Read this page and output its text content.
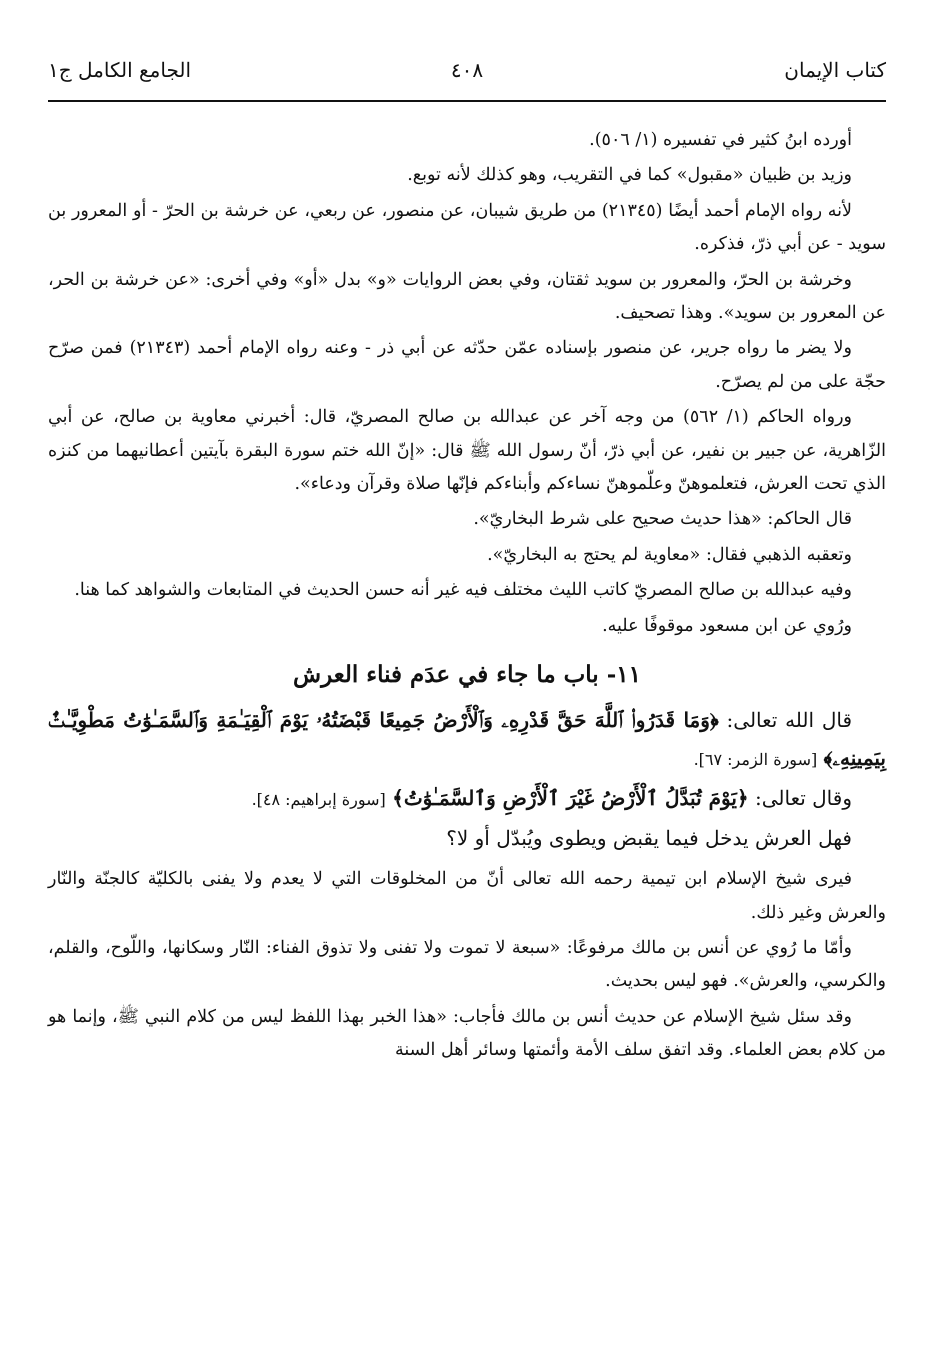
كتاب الإيمان
٤٠٨
الجامع الكامل ج١

أورده ابنُ كثير في تفسيره (١/ ٥٠٦).

وزيد بن ظبيان «مقبول» كما في التقريب، وهو كذلك لأنه توبع.

لأنه رواه الإمام أحمد أيضًا (٢١٣٤٥) من طريق شيبان، عن منصور، عن ربعي، عن خرشة بن الحرّ - أو المعرور بن سويد - عن أبي ذرّ، فذكره.

وخرشة بن الحرّ، والمعرور بن سويد ثقتان، وفي بعض الروايات «و» بدل «أو» وفي أخرى: «عن خرشة بن الحر، عن المعرور بن سويد». وهذا تصحيف.

ولا يضر ما رواه جرير، عن منصور بإسناده عمّن حدّثه عن أبي ذر - وعنه رواه الإمام أحمد (٢١٣٤٣) فمن صرّح حجّة على من لم يصرّح.

ورواه الحاكم (١/ ٥٦٢) من وجه آخر عن عبدالله بن صالح المصريّ، قال: أخبرني معاوية بن صالح، عن أبي الزّاهرية، عن جبير بن نفير، عن أبي ذرّ، أنّ رسول الله ﷺ قال: «إنّ الله ختم سورة البقرة بآيتين أعطانيهما من كنزه الذي تحت العرش، فتعلموهنّ وعلّموهنّ نساءكم وأبناءكم فإنّها صلاة وقرآن ودعاء».

قال الحاكم: «هذا حديث صحيح على شرط البخاريّ».

وتعقبه الذهبي فقال: «معاوية لم يحتج به البخاريّ».

وفيه عبدالله بن صالح المصريّ كاتب الليث مختلف فيه غير أنه حسن الحديث في المتابعات والشواهد كما هنا.

ورُوي عن ابن مسعود موقوفًا عليه.

١١- باب ما جاء في عدَم فناء العرش

قال الله تعالى: ﴿وَمَا قَدَرُوا۟ ٱللَّهَ حَقَّ قَدْرِهِۦ وَٱلْأَرْضُ جَمِيعًا قَبْضَتُهُۥ يَوْمَ ٱلْقِيَـٰمَةِ وَٱلسَّمَـٰوَٰتُ مَطْوِيَّـٰتٌۢ بِيَمِينِهِۦ﴾ [سورة الزمر: ٦٧].

وقال تعالى: ﴿يَوْمَ تُبَدَّلُ ٱلْأَرْضُ غَيْرَ ٱلْأَرْضِ وَٱلسَّمَـٰوَٰتُ﴾ [سورة إبراهيم: ٤٨].

فهل العرش يدخل فيما يقبض ويطوى ويُبدّل أو لا؟

فيرى شيخ الإسلام ابن تيمية رحمه الله تعالى أنّ من المخلوقات التي لا يعدم ولا يفنى بالكليّة كالجنّة والنّار والعرش وغير ذلك.

وأمّا ما رُوي عن أنس بن مالك مرفوعًا: «سبعة لا تموت ولا تفنى ولا تذوق الفناء: النّار وسكانها، واللّوح، والقلم، والكرسي، والعرش». فهو ليس بحديث.

وقد سئل شيخ الإسلام عن حديث أنس بن مالك فأجاب: «هذا الخبر بهذا اللفظ ليس من كلام النبي ﷺ، وإنما هو من كلام بعض العلماء. وقد اتفق سلف الأمة وأئمتها وسائر أهل السنة
